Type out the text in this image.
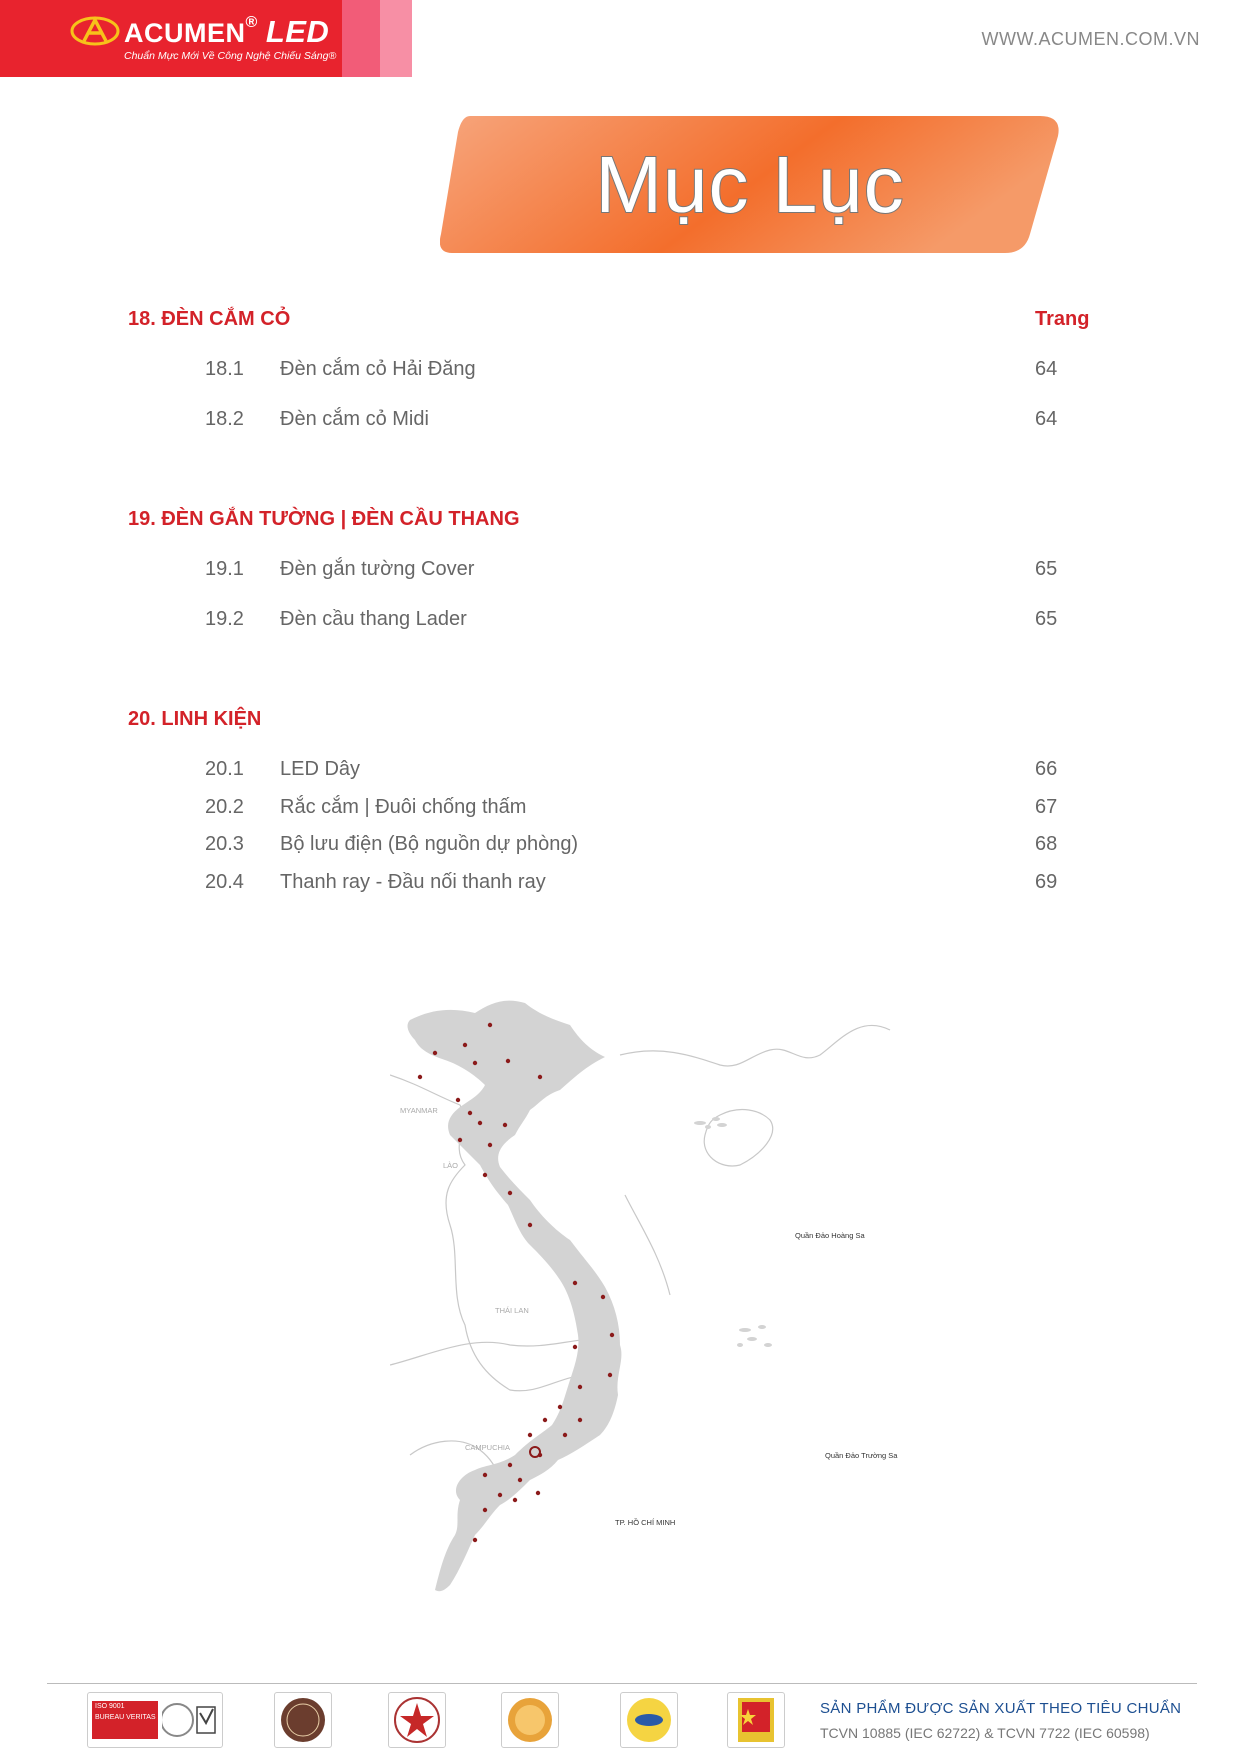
ACUMEN® LED
Chuẩn Mực Mới Về Công Nghệ Chiếu Sáng®
WWW.ACUMEN.COM.VN
Mục Lục
18. ĐÈN CẮM CỎ	Trang
18.1 Đèn cắm cỏ Hải Đăng	64
18.2 Đèn cắm cỏ Midi	64
19. ĐÈN GẮN TƯỜNG | ĐÈN CẦU THANG
19.1 Đèn gắn tường Cover	65
19.2 Đèn cầu thang Lader	65
20. LINH KIỆN
20.1 LED Dây	66
20.2 Rắc cắm | Đuôi chống thấm	67
20.3 Bộ lưu điện (Bộ nguồn dự phòng)	68
20.4 Thanh ray - Đầu nối thanh ray	69
MYANMAR
LÀO
THÁI LAN
CAMPUCHIA
Quần Đảo Hoàng Sa
Quần Đảo Trường Sa
TP. HỒ CHÍ MINH
ISO 9001
BUREAU VERITAS
SẢN PHẨM ĐƯỢC SẢN XUẤT THEO TIÊU CHUẨN
TCVN 10885 (IEC 62722) & TCVN 7722 (IEC 60598)
